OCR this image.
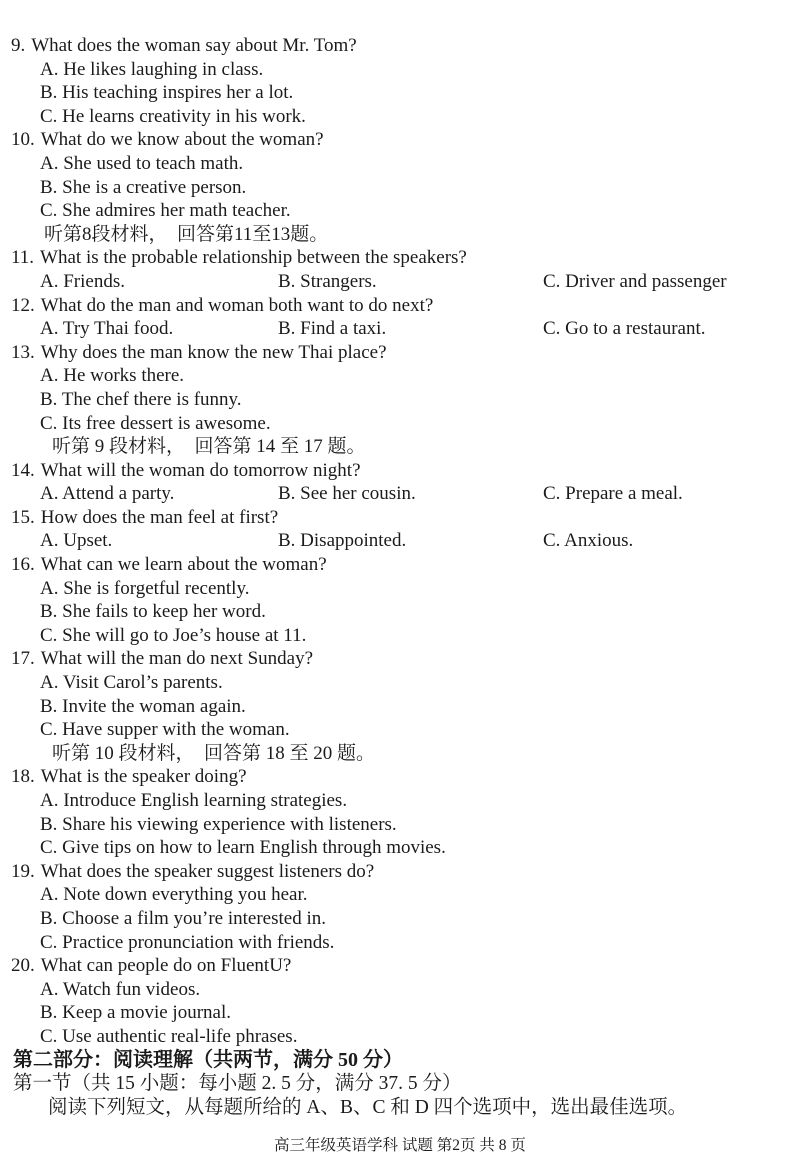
9. What does the woman say about Mr. Tom?
A. He likes laughing in class.
B. His teaching inspires her a lot.
C. He learns creativity in his work.
10. What do we know about the woman?
A. She used to teach math.
B. She is a creative person.
C. She admires her math teacher.
听第8段材料，　回答第11至13题。
11. What is the probable relationship between the speakers?

A. Friends.

	B. Strangers.

	C. Driver and passenger

12. What do the man and woman both want to do next?

A. Try Thai food.

	B. Find a taxi.

	C. Go to a restaurant.

13. Why does the man know the new Thai place?
A. He works there.
B. The chef there is funny.
C. Its free dessert is awesome.
听第 9 段材料，　回答第 14 至 17 题。
14. What will the woman do tomorrow night?

A. Attend a party.

	B. See her cousin.

	C. Prepare a meal.

15. How does the man feel at first?

A. Upset.

	B. Disappointed.

	C. Anxious.

16. What can we learn about the woman?
A. She is forgetful recently.
B. She fails to keep her word.
C. She will go to Joe’s house at 11.
17. What will the man do next Sunday?
A. Visit Carol’s parents.
B. Invite the woman again.
C. Have supper with the woman.
听第 10 段材料，　回答第 18 至 20 题。
18. What is the speaker doing?
A. Introduce English learning strategies.
B. Share his viewing experience with listeners.
C. Give tips on how to learn English through movies.
19. What does the speaker suggest listeners do?
A. Note down everything you hear.
B. Choose a film you’re interested in.
C. Practice pronunciation with friends.
20. What can people do on FluentU?
A. Watch fun videos.
B. Keep a movie journal.
C. Use authentic real-life phrases.
第二部分：阅读理解（共两节，满分 50 分）
第一节（共 15 小题：每小题 2. 5 分，满分 37. 5 分）
阅读下列短文，从每题所给的 A、B、C 和 D 四个选项中，选出最佳选项。
高三年级英语学科 试题 第2页 共 8 页
